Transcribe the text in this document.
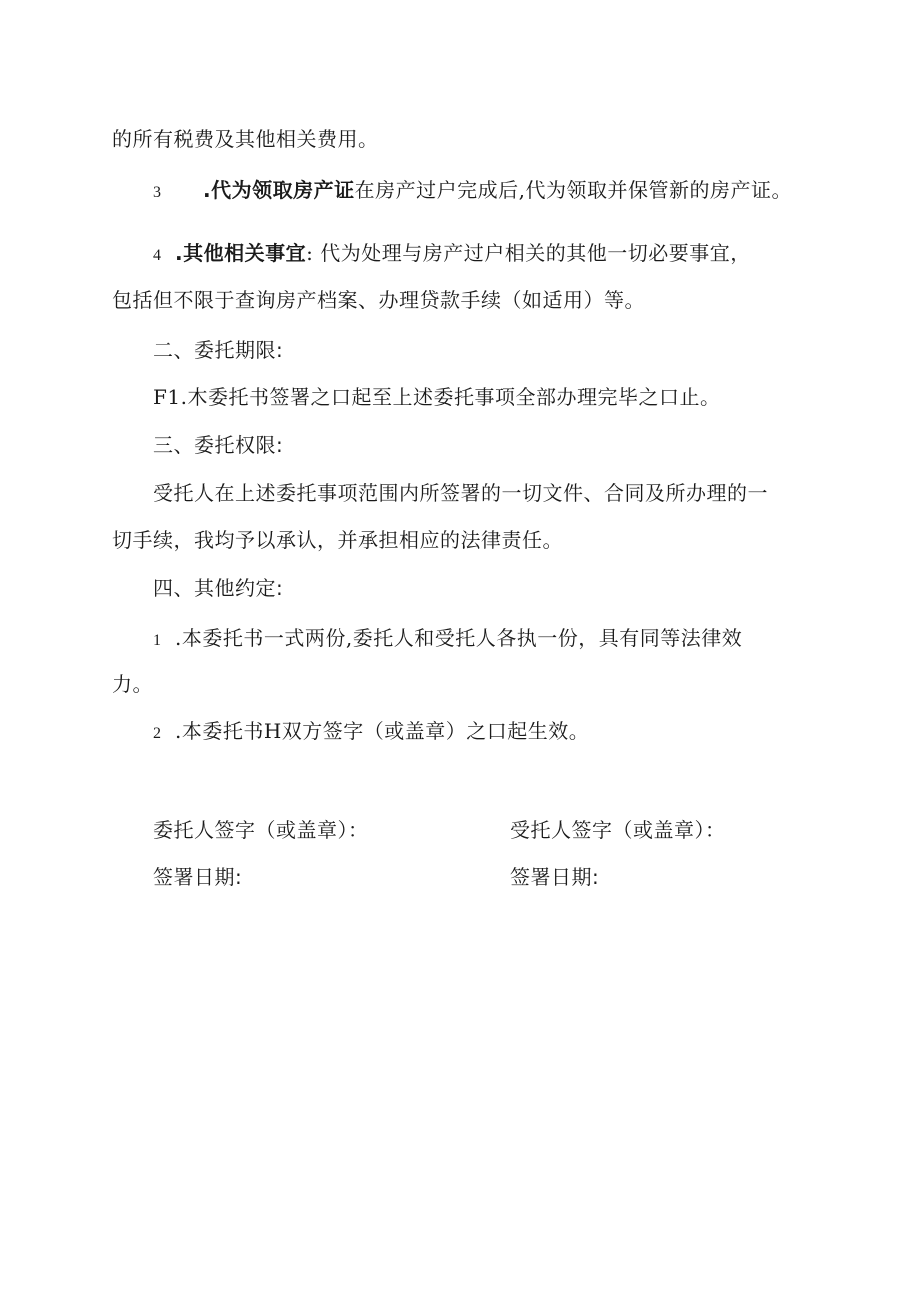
的所有税费及其他相关费用。
3 .代为领取房产证在房产过户完成后,代为领取并保管新的房产证。
4 .其他相关事宜: 代为处理与房产过户相关的其他一切必要事宜，
包括但不限于查询房产档案、办理贷款手续（如适用）等。
二、委托期限:
F1.木委托书签署之口起至上述委托事项全部办理完毕之口止。
三、委托权限:
受托人在上述委托事项范围内所签署的一切文件、合同及所办理的一
切手续，我均予以承认，并承担相应的法律责任。
四、其他约定:
1 .本委托书一式两份,委托人和受托人各执一份，具有同等法律效
力。
2 .本委托书H双方签字（或盖章）之口起生效。
委托人签字（或盖章）：	受托人签字（或盖章）：
签署日期:	签署日期:
